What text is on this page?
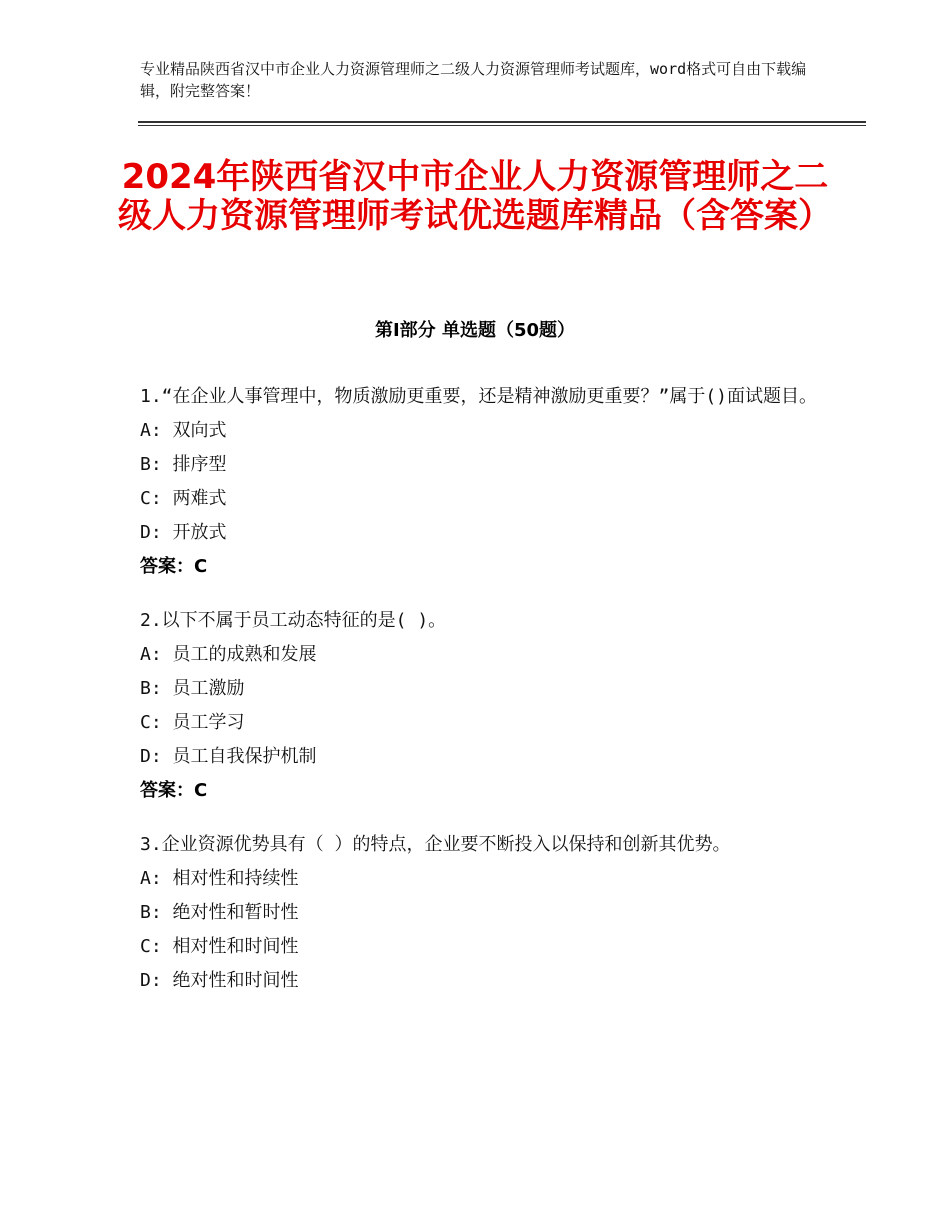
专业精品陕西省汉中市企业人力资源管理师之二级人力资源管理师考试题库，word格式可自由下载编辑，附完整答案！
2024年陕西省汉中市企业人力资源管理师之二级人力资源管理师考试优选题库精品（含答案）
第Ⅰ部分 单选题（50题）
1.“在企业人事管理中，物质激励更重要，还是精神激励更重要？”属于()面试题目。
A: 双向式
B: 排序型
C: 两难式
D: 开放式
答案：C
2.以下不属于员工动态特征的是( )。
A: 员工的成熟和发展
B: 员工激励
C: 员工学习
D: 员工自我保护机制
答案：C
3.企业资源优势具有（ ）的特点，企业要不断投入以保持和创新其优势。
A: 相对性和持续性
B: 绝对性和暂时性
C: 相对性和时间性
D: 绝对性和时间性
